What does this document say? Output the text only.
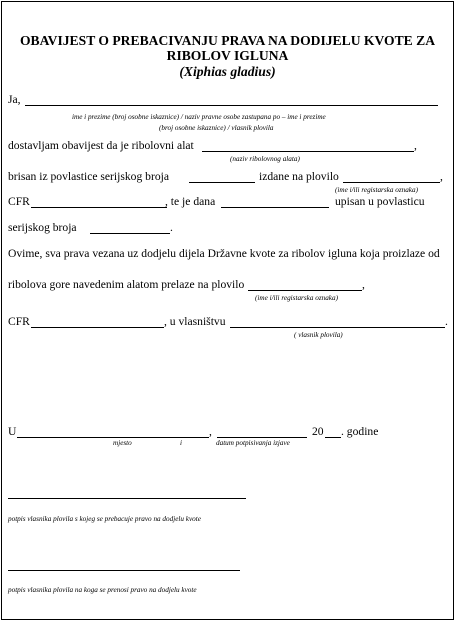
OBAVIJEST O PREBACIVANJU PRAVA NA DODIJELU KVOTE ZA
RIBOLOV IGLUNA
(Xiphias gladius)
Ja,
ime i prezime (broj osobne iskaznice) / naziv pravne osobe zastupana po – ime i prezime
(broj osobne iskaznice) / vlasnik plovila
dostavljam obavijest da je ribolovni alat	,
(naziv ribolovnog alata)
brisan iz povlastice serijskog broja	izdane na plovilo	,
(ime i/ili registarska oznaka)
CFR	, te je dana	upisan u povlasticu
serijskog broja	.
Ovime, sva prava vezana uz dodjelu dijela Državne kvote za ribolov igluna koja proizlaze od
ribolova gore navedenim alatom prelaze na plovilo	,
(ime i/ili registarska oznaka)
CFR	, u vlasništvu	.
( vlasnik plovila)
U	,	20 . godine
mjesto	i	datum potpisivanja izjave
potpis vlasnika plovila s kojeg se prebacuje pravo na dodjelu kvote
potpis vlasnika plovila na koga se prenosi pravo na dodjelu kvote
